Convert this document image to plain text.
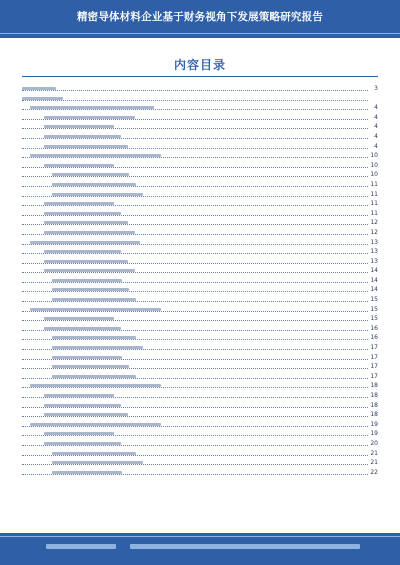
精密导体材料企业基于财务视角下发展策略研究报告
内容目录
3
4
4
4
4
4
10
10
10
11
11
11
11
12
12
13
13
13
14
14
14
15
15
15
16
16
17
17
17
17
18
18
18
18
19
19
20
21
21
22
